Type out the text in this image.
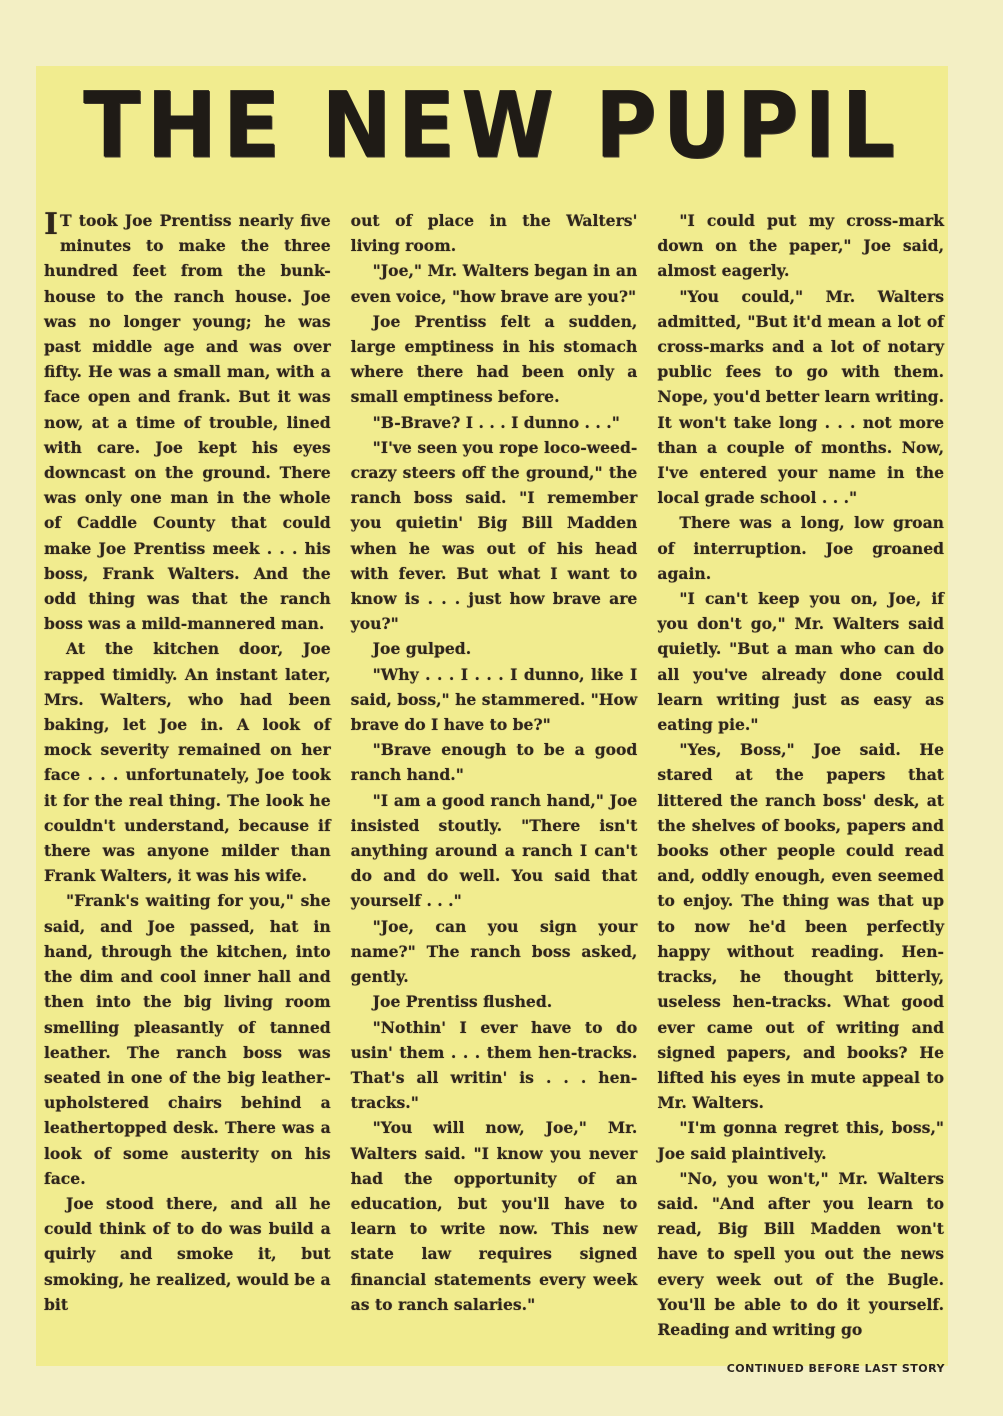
THE NEW PUPIL

I T took Joe Prentiss nearly five minutes to make the three hundred feet from the bunk-house to the ranch house. Joe was no longer young; he was past middle age and was over fifty. He was a small man, with a face open and frank. But it was now, at a time of trouble, lined with care. Joe kept his eyes downcast on the ground. There was only one man in the whole of Caddle County that could make Joe Prentiss meek . . . his boss, Frank Walters. And the odd thing was that the ranch boss was a mild-mannered man.

At the kitchen door, Joe rapped timidly. An instant later, Mrs. Walters, who had been baking, let Joe in. A look of mock severity remained on her face . . . unfortunately, Joe took it for the real thing. The look he couldn't understand, because if there was anyone milder than Frank Walters, it was his wife.

"Frank's waiting for you," she said, and Joe passed, hat in hand, through the kitchen, into the dim and cool inner hall and then into the big living room smelling pleasantly of tanned leather. The ranch boss was seated in one of the big leather-upholstered chairs behind a leathertopped desk. There was a look of some austerity on his face.

Joe stood there, and all he could think of to do was build a quirly and smoke it, but smoking, he realized, would be a bit

out of place in the Walters' living room.

"Joe," Mr. Walters began in an even voice, "how brave are you?"

Joe Prentiss felt a sudden, large emptiness in his stomach where there had been only a small emptiness before.

"B-Brave? I . . . I dunno . . ."

"I've seen you rope loco-weed-crazy steers off the ground," the ranch boss said. "I remember you quietin' Big Bill Madden when he was out of his head with fever. But what I want to know is . . . just how brave are you?"

Joe gulped.

"Why . . . I . . . I dunno, like I said, boss," he stammered. "How brave do I have to be?"

"Brave enough to be a good ranch hand."

"I am a good ranch hand," Joe insisted stoutly. "There isn't anything around a ranch I can't do and do well. You said that yourself . . ."

"Joe, can you sign your name?" The ranch boss asked, gently.

Joe Prentiss flushed.

"Nothin' I ever have to do usin' them . . . them hen-tracks. That's all writin' is . . . hen-tracks."

"You will now, Joe," Mr. Walters said. "I know you never had the opportunity of an education, but you'll have to learn to write now. This new state law requires signed financial statements every week as to ranch salaries."

"I could put my cross-mark down on the paper," Joe said, almost eagerly.

"You could," Mr. Walters admitted, "But it'd mean a lot of cross-marks and a lot of notary public fees to go with them. Nope, you'd better learn writing. It won't take long . . . not more than a couple of months. Now, I've entered your name in the local grade school . . ."

There was a long, low groan of interruption. Joe groaned again.

"I can't keep you on, Joe, if you don't go," Mr. Walters said quietly. "But a man who can do all you've already done could learn writing just as easy as eating pie."

"Yes, Boss," Joe said. He stared at the papers that littered the ranch boss' desk, at the shelves of books, papers and books other people could read and, oddly enough, even seemed to enjoy. The thing was that up to now he'd been perfectly happy without reading. Hen-tracks, he thought bitterly, useless hen-tracks. What good ever came out of writing and signed papers, and books? He lifted his eyes in mute appeal to Mr. Walters.

"I'm gonna regret this, boss," Joe said plaintively.

"No, you won't," Mr. Walters said. "And after you learn to read, Big Bill Madden won't have to spell you out the news every week out of the Bugle. You'll be able to do it yourself. Reading and writing go

CONTINUED BEFORE LAST STORY
